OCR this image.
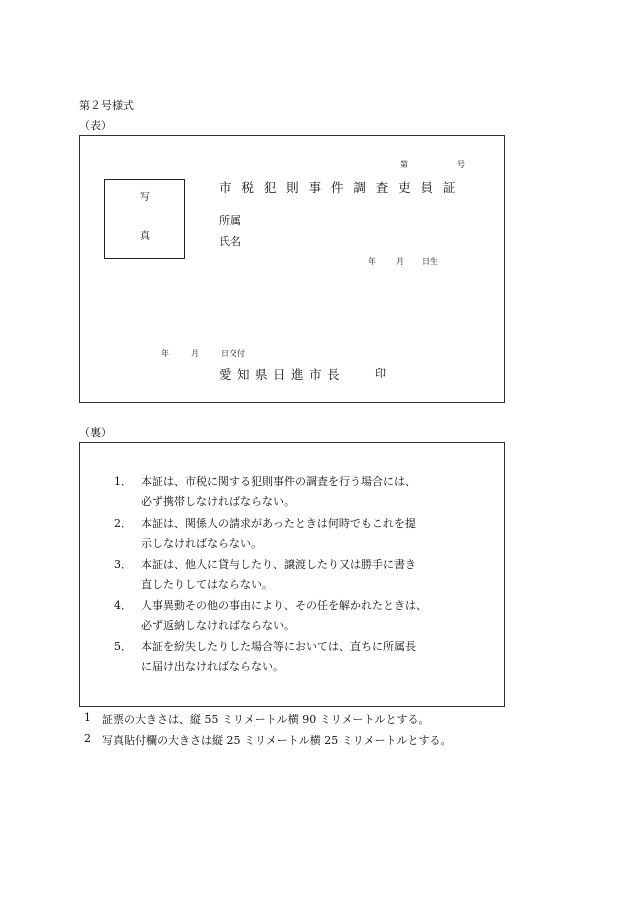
第２号様式
（表）
第	号
写
真
市 税 犯 則 事 件 調 査 吏 員 証
所属
氏名
年	月 日生
年	月	日交付
愛 知 県 日 進 市 長	印
（裏）
1． 本証は、市税に関する犯則事件の調査を行う場合には、
必ず携帯しなければならない。
2． 本証は、関係人の請求があったときは何時でもこれを提
示しなければならない。
3． 本証は、他人に貸与したり、譲渡したり又は勝手に書き
直したりしてはならない。
4． 人事異動その他の事由により、その任を解かれたときは、
必ず返納しなければならない。
5． 本証を紛失したりした場合等においては、直ちに所属長
に届け出なければならない。
1 証票の大きさは、縦 55 ミリメートル横 90 ミリメートルとする。
2 写真貼付欄の大きさは縦 25 ミリメートル横 25 ミリメートルとする。
